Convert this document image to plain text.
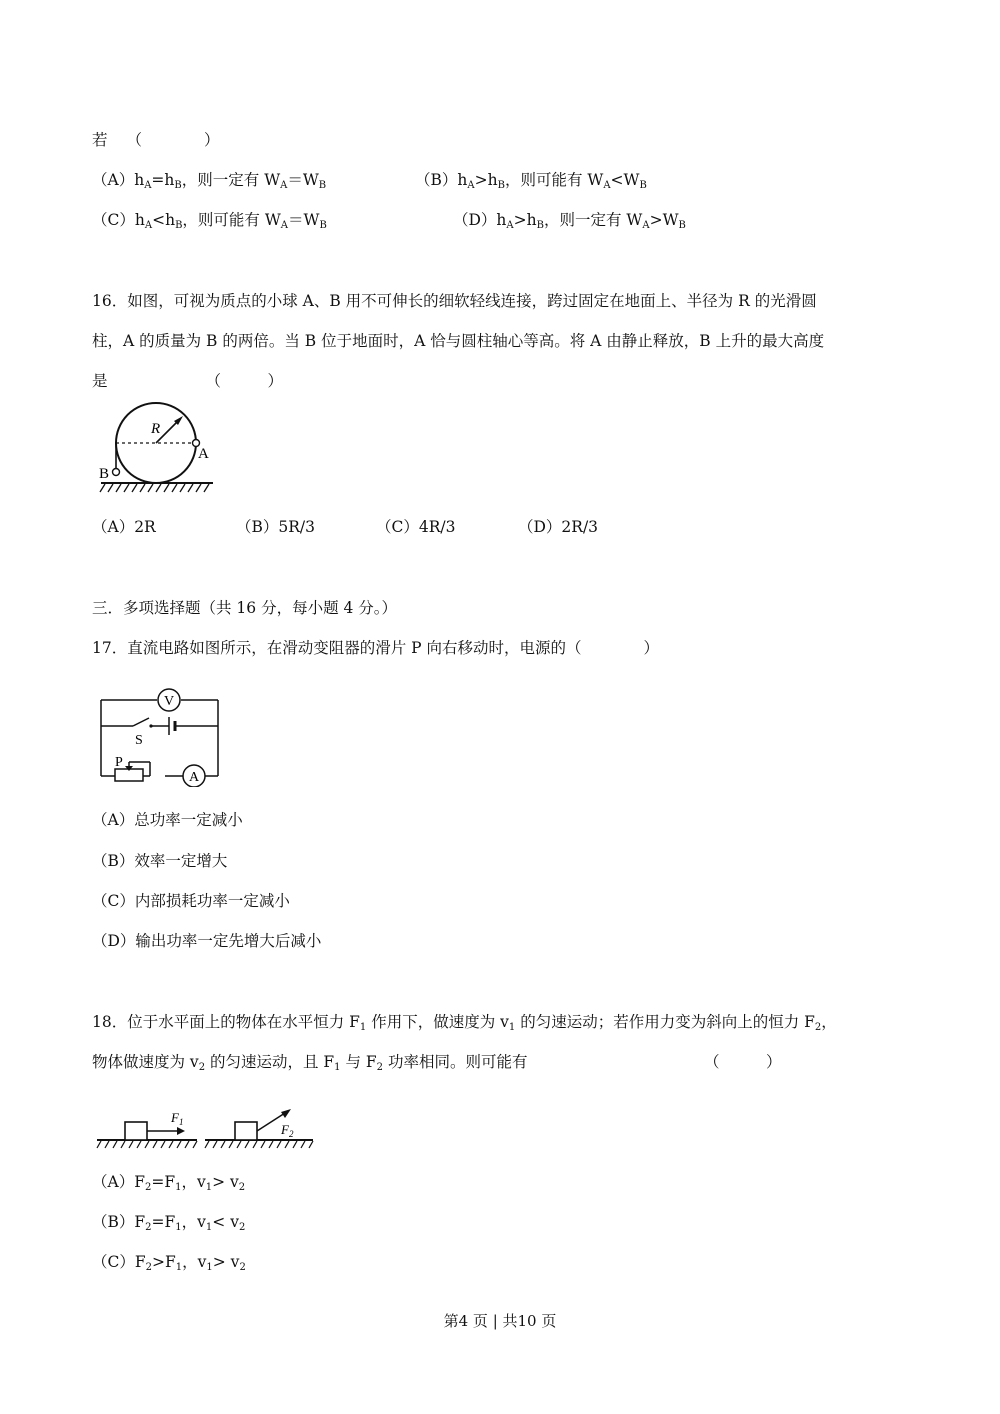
若 （　　　　）
$(A)h_A=h_B$，则一定有 $W_A=W_B$	$(B)h_A>h_B$，则可能有 $W_A<W_B$
$(C)h_A<h_B$，则可能有 $W_A=W_B$	$(D)h_A>h_B$，则一定有 $W_A>W_B$
16．如图，可视为质点的小球 A、B 用不可伸长的细软轻线连接，跨过固定在地面上、半径为 R 的光滑圆
柱，A 的质量为 B 的两倍。当 B 位于地面时，A 恰与圆柱轴心等高。将 A 由静止释放，B 上升的最大高度
是	（　　　）
R
A
B
（A）2R	（B）5R/3	（C）4R/3	（D）2R/3
三．多项选择题（共 16 分，每小题 4 分。）
17．直流电路如图所示，在滑动变阻器的滑片 P 向右移动时，电源的（　　　　）
V
A
S
P
（A）总功率一定减小
（B）效率一定增大
（C）内部损耗功率一定减小
（D）输出功率一定先增大后减小
18．位于水平面上的物体在水平恒力 $F_1$ 作用下，做速度为 $v_1$ 的匀速运动；若作用力变为斜向上的恒力 $F_2$，
物体做速度为 $v_2$ 的匀速运动，且 $F_1$ 与 $F_2$ 功率相同。则可能有	（　　　）
$F_1$	$F_2$
$(A)F_2=F_1$，$v_1> v_2$
$(B)F_2=F_1$，$v_1< v_2$
$(C)F_2>F_1$，$v_1> v_2$
第4 页 | 共10 页
